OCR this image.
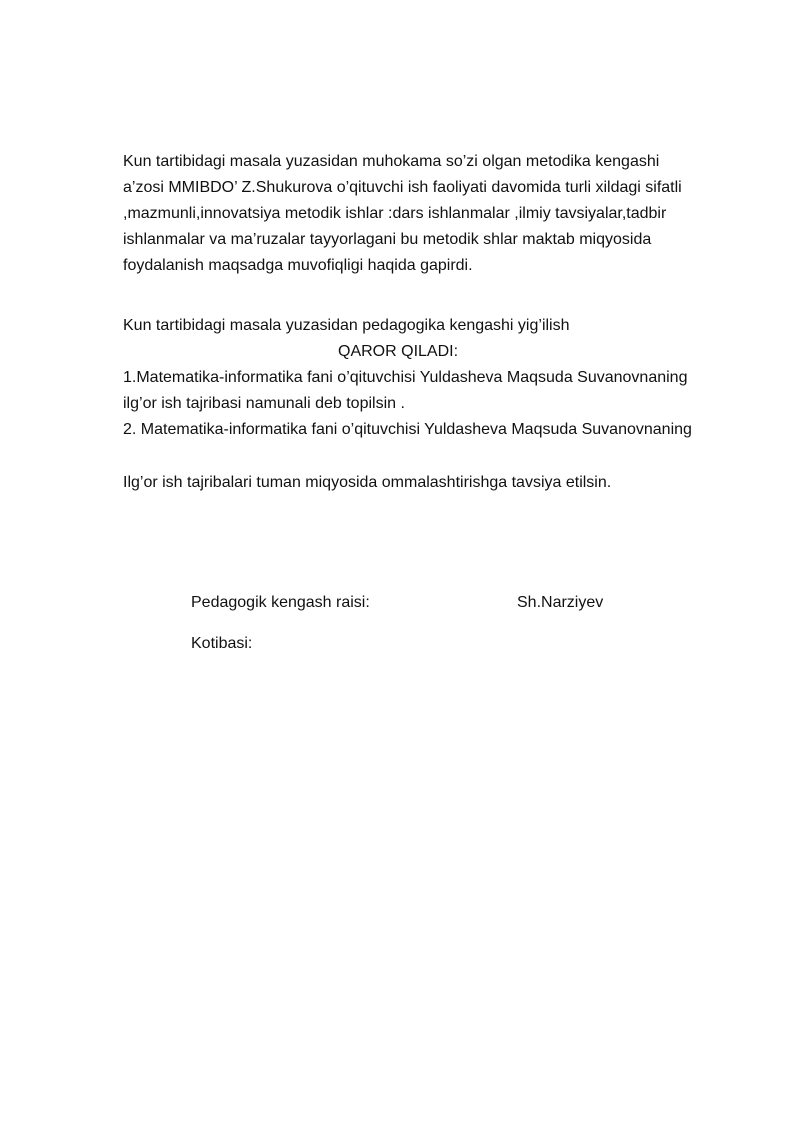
Kun tartibidagi masala yuzasidan muhokama so’zi olgan metodika kengashi
a’zosi MMIBDO’ Z.Shukurova o’qituvchi ish faoliyati davomida turli xildagi sifatli
,mazmunli,innovatsiya metodik ishlar :dars ishlanmalar ,ilmiy tavsiyalar,tadbir
ishlanmalar va ma’ruzalar tayyorlagani bu metodik shlar maktab miqyosida
foydalanish maqsadga muvofiqligi haqida gapirdi.
Kun tartibidagi masala yuzasidan pedagogika kengashi yig’ilish
QAROR QILADI:
1.Matematika-informatika fani o’qituvchisi Yuldasheva Maqsuda Suvanovnaning
ilg’or ish tajribasi namunali deb topilsin .
2. Matematika-informatika fani o’qituvchisi Yuldasheva Maqsuda Suvanovnaning
Ilg’or ish tajribalari tuman miqyosida ommalashtirishga tavsiya etilsin.
Pedagogik kengash raisi:	Sh.Narziyev
Kotibasi:
